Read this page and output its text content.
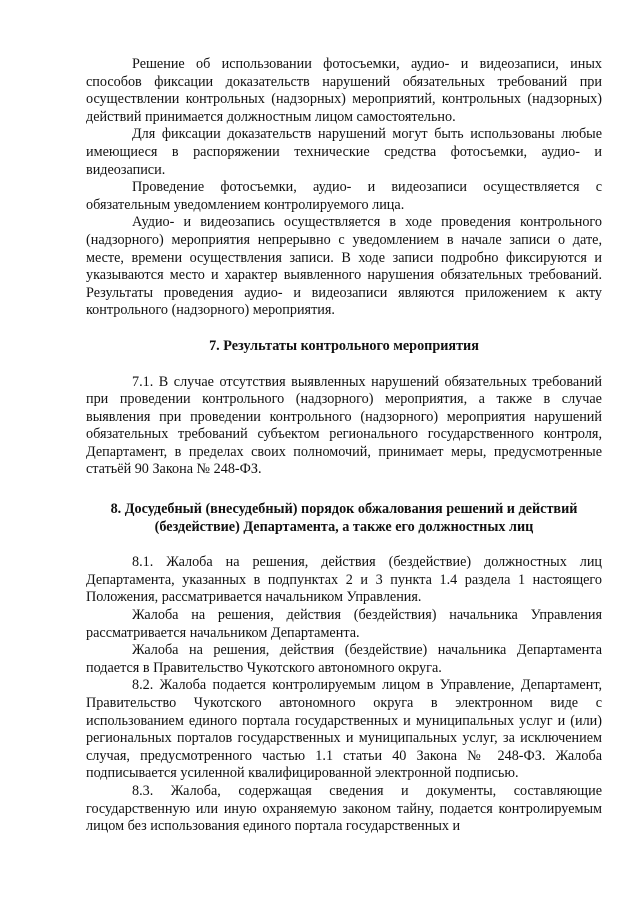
Решение об использовании фотосъемки, аудио- и видеозаписи, иных способов фиксации доказательств нарушений обязательных требований при осуществлении контрольных (надзорных) мероприятий, контрольных (надзорных) действий принимается должностным лицом самостоятельно.

Для фиксации доказательств нарушений могут быть использованы любые имеющиеся в распоряжении технические средства фотосъемки, аудио- и видеозаписи.

Проведение фотосъемки, аудио- и видеозаписи осуществляется с обязательным уведомлением контролируемого лица.

Аудио- и видеозапись осуществляется в ходе проведения контрольного (надзорного) мероприятия непрерывно с уведомлением в начале записи о дате, месте, времени осуществления записи. В ходе записи подробно фиксируются и указываются место и характер выявленного нарушения обязательных требований. Результаты проведения аудио- и видеозаписи являются приложением к акту контрольного (надзорного) мероприятия.

7. Результаты контрольного мероприятия

7.1. В случае отсутствия выявленных нарушений обязательных требований при проведении контрольного (надзорного) мероприятия, а также в случае выявления при проведении контрольного (надзорного) мероприятия нарушений обязательных требований субъектом регионального государственного контроля, Департамент, в пределах своих полномочий, принимает меры, предусмотренные статьёй 90 Закона № 248-ФЗ.

8. Досудебный (внесудебный) порядок обжалования решений и действий
(бездействие) Департамента, а также его должностных лиц

8.1. Жалоба на решения, действия (бездействие) должностных лиц Департамента, указанных в подпунктах 2 и 3 пункта 1.4 раздела 1 настоящего Положения, рассматривается начальником Управления.

Жалоба на решения, действия (бездействия) начальника Управления рассматривается начальником Департамента.

Жалоба на решения, действия (бездействие) начальника Департамента подается в Правительство Чукотского автономного округа.

8.2. Жалоба подается контролируемым лицом в Управление, Департамент, Правительство Чукотского автономного округа в электронном виде с использованием единого портала государственных и муниципальных услуг и (или) региональных порталов государственных и муниципальных услуг, за исключением случая, предусмотренного частью 1.1 статьи 40 Закона № 248-ФЗ. Жалоба подписывается усиленной квалифицированной электронной подписью.

8.3. Жалоба, содержащая сведения и документы, составляющие государственную или иную охраняемую законом тайну, подается контролируемым лицом без использования единого портала государственных и
